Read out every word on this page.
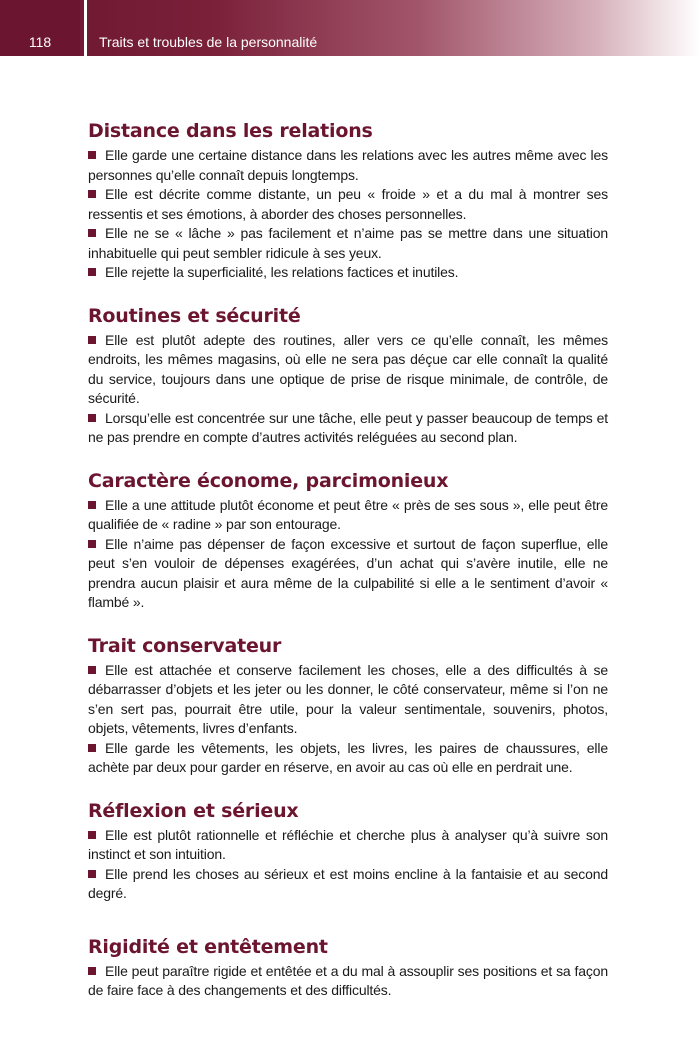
118	Traits et troubles de la personnalité
Distance dans les relations

Elle garde une certaine distance dans les relations avec les autres même avec les personnes qu’elle connaît depuis longtemps.

Elle est décrite comme distante, un peu « froide » et a du mal à montrer ses ressentis et ses émotions, à aborder des choses personnelles.

Elle ne se « lâche » pas facilement et n’aime pas se mettre dans une situation inhabituelle qui peut sembler ridicule à ses yeux.

Elle rejette la superficialité, les relations factices et inutiles.

Routines et sécurité

Elle est plutôt adepte des routines, aller vers ce qu’elle connaît, les mêmes endroits, les mêmes magasins, où elle ne sera pas déçue car elle connaît la qualité du service, toujours dans une optique de prise de risque minimale, de contrôle, de sécurité.

Lorsqu’elle est concentrée sur une tâche, elle peut y passer beaucoup de temps et ne pas prendre en compte d’autres activités reléguées au second plan.

Caractère économe, parcimonieux

Elle a une attitude plutôt économe et peut être « près de ses sous », elle peut être qualifiée de « radine » par son entourage.

Elle n’aime pas dépenser de façon excessive et surtout de façon superflue, elle peut s’en vouloir de dépenses exagérées, d’un achat qui s’avère inutile, elle ne prendra aucun plaisir et aura même de la culpabilité si elle a le sentiment d’avoir « flambé ».

Trait conservateur

Elle est attachée et conserve facilement les choses, elle a des difficultés à se débarrasser d’objets et les jeter ou les donner, le côté conservateur, même si l’on ne s’en sert pas, pourrait être utile, pour la valeur sentimentale, souvenirs, photos, objets, vêtements, livres d’enfants.

Elle garde les vêtements, les objets, les livres, les paires de chaussures, elle achète par deux pour garder en réserve, en avoir au cas où elle en perdrait une.

Réflexion et sérieux

Elle est plutôt rationnelle et réfléchie et cherche plus à analyser qu’à suivre son instinct et son intuition.

Elle prend les choses au sérieux et est moins encline à la fantaisie et au second degré.

Rigidité et entêtement

Elle peut paraître rigide et entêtée et a du mal à assouplir ses positions et sa façon de faire face à des changements et des difficultés.
